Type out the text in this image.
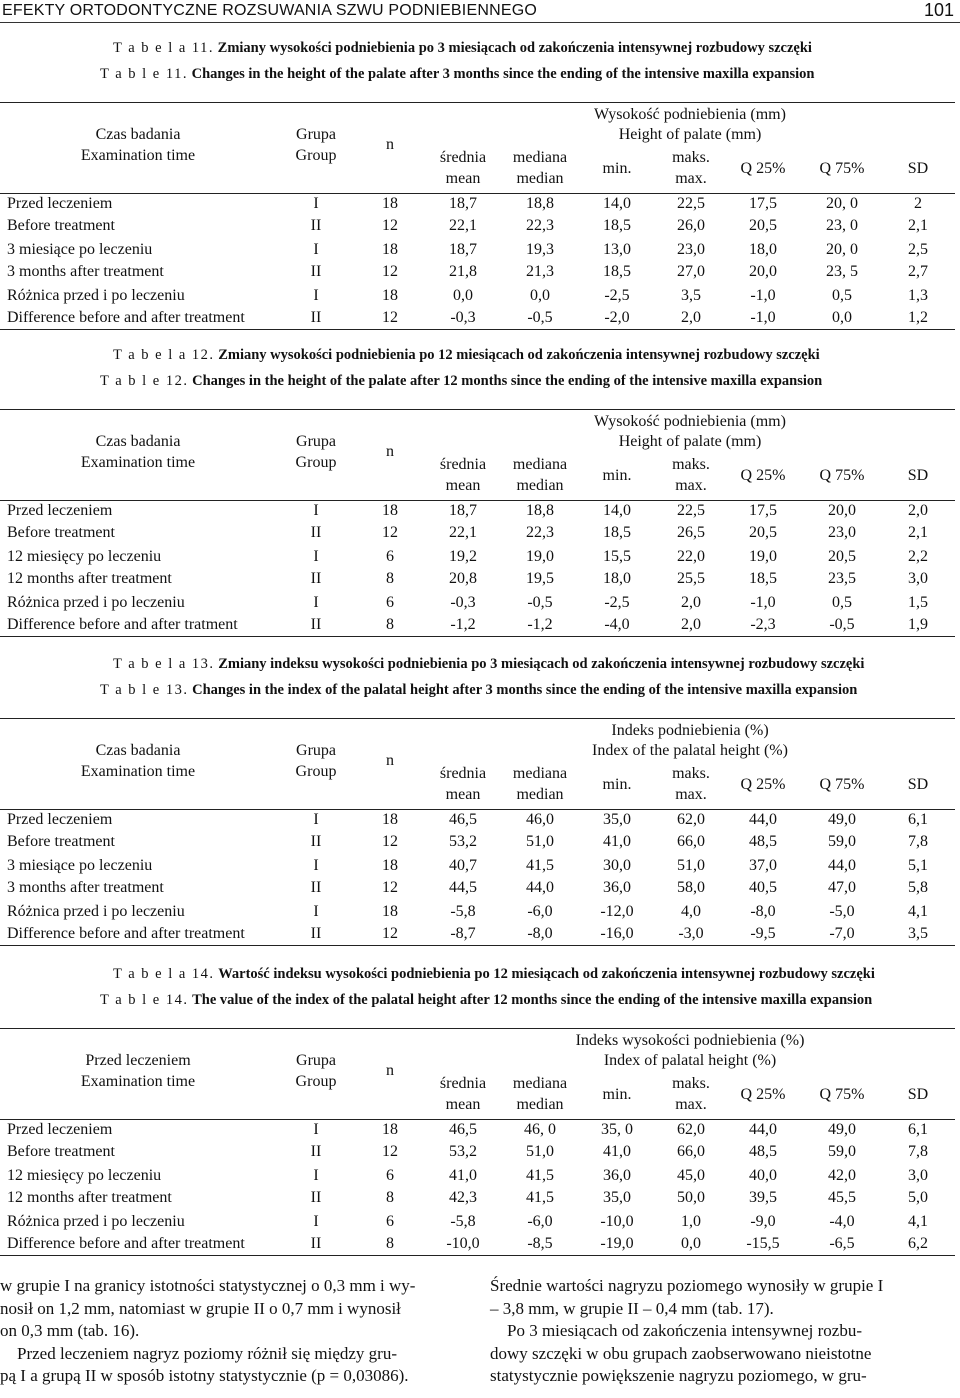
EFEKTY ORTODONTYCZNE ROZSUWANIA SZWU PODNIEBIENNEGO	101
T a b e l a 11. Zmiany wysokości podniebienia po 3 miesiącach od zakończenia intensywnej rozbudowy szczęki
T a b l e 11. Changes in the height of the palate after 3 months since the ending of the intensive maxilla expansion
Czas badania
Examination time
Grupa
Group
n
Wysokość podniebienia (mm)
Height of palate (mm)
średnia
mean
mediana
median
min.
maks.
max.
Q 25% Q 75%	SD
Przed leczeniem	I	18	18,7	18,8	14,0	22,5	17,5	20, 0	2
Before treatment	II	12	22,1	22,3	18,5	26,0	20,5	23, 0	2,1
3 miesiące po leczeniu	I	18	18,7	19,3	13,0	23,0	18,0	20, 0	2,5
3 months after treatment	II	12	21,8	21,3	18,5	27,0	20,0	23, 5	2,7
Różnica przed i po leczeniu	I	18	0,0	0,0	-2,5	3,5	-1,0	0,5	1,3
Difference before and after treatment	II	12	-0,3	-0,5	-2,0	2,0	-1,0	0,0	1,2
T a b e l a 12. Zmiany wysokości podniebienia po 12 miesiącach od zakończenia intensywnej rozbudowy szczęki
T a b l e 12. Changes in the height of the palate after 12 months since the ending of the intensive maxilla expansion
Czas badania
Examination time
Grupa
Group
n
Wysokość podniebienia (mm)
Height of palate (mm)
średnia
mean
mediana
median
min.
maks.
max.
Q 25% Q 75%	SD
Przed leczeniem	I	18	18,7	18,8	14,0	22,5	17,5	20,0	2,0
Before treatment	II	12	22,1	22,3	18,5	26,5	20,5	23,0	2,1
12 miesięcy po leczeniu	I	6	19,2	19,0	15,5	22,0	19,0	20,5	2,2
12 months after treatment	II	8	20,8	19,5	18,0	25,5	18,5	23,5	3,0
Różnica przed i po leczeniu	I	6	-0,3	-0,5	-2,5	2,0	-1,0	0,5	1,5
Difference before and after tratment	II	8	-1,2	-1,2	-4,0	2,0	-2,3	-0,5	1,9
T a b e l a 13. Zmiany indeksu wysokości podniebienia po 3 miesiącach od zakończenia intensywnej rozbudowy szczęki
T a b l e 13. Changes in the index of the palatal height after 3 months since the ending of the intensive maxilla expansion
Czas badania
Examination time
Grupa
Group
n
Indeks podniebienia (%)
Index of the palatal height (%)
średnia
mean
mediana
median
min.
maks.
max.
Q 25% Q 75%	SD
Przed leczeniem	I	18	46,5	46,0	35,0	62,0	44,0	49,0	6,1
Before treatment	II	12	53,2	51,0	41,0	66,0	48,5	59,0	7,8
3 miesiące po leczeniu	I	18	40,7	41,5	30,0	51,0	37,0	44,0	5,1
3 months after treatment	II	12	44,5	44,0	36,0	58,0	40,5	47,0	5,8
Różnica przed i po leczeniu	I	18	-5,8	-6,0	-12,0	4,0	-8,0	-5,0	4,1
Difference before and after treatment	II	12	-8,7	-8,0	-16,0	-3,0	-9,5	-7,0	3,5
T a b e l a 14. Wartość indeksu wysokości podniebienia po 12 miesiącach od zakończenia intensywnej rozbudowy szczęki
T a b l e 14. The value of the index of the palatal height after 12 months since the ending of the intensive maxilla expansion
Przed leczeniem
Examination time
Grupa
Group
n
Indeks wysokości podniebienia (%)
Index of palatal height (%)
średnia
mean
mediana
median
min.
maks.
max.
Q 25% Q 75%	SD
Przed leczeniem	I	18	46,5	46, 0	35, 0	62,0	44,0	49,0	6,1
Before treatment	II	12	53,2	51,0	41,0	66,0	48,5	59,0	7,8
12 miesięcy po leczeniu	I	6	41,0	41,5	36,0	45,0	40,0	42,0	3,0
12 months after treatment	II	8	42,3	41,5	35,0	50,0	39,5	45,5	5,0
Różnica przed i po leczeniu	I	6	-5,8	-6,0	-10,0	1,0	-9,0	-4,0	4,1
Difference before and after treatment	II	8	-10,0	-8,5	-19,0	0,0	-15,5	-6,5	6,2
w grupie I na granicy istotności statystycznej o 0,3 mm i wy-
nosił on 1,2 mm, natomiast w grupie II o 0,7 mm i wynosił
on 0,3 mm (tab. 16).
Przed leczeniem nagryz poziomy różnił się między gru-
pą I a grupą II w sposób istotny statystycznie (p = 0,03086).
Średnie wartości nagryzu poziomego wynosiły w grupie I
– 3,8 mm, w grupie II – 0,4 mm (tab. 17).
Po 3 miesiącach od zakończenia intensywnej rozbu-
dowy szczęki w obu grupach zaobserwowano nieistotne
statystycznie powiększenie nagryzu poziomego, w gru-
